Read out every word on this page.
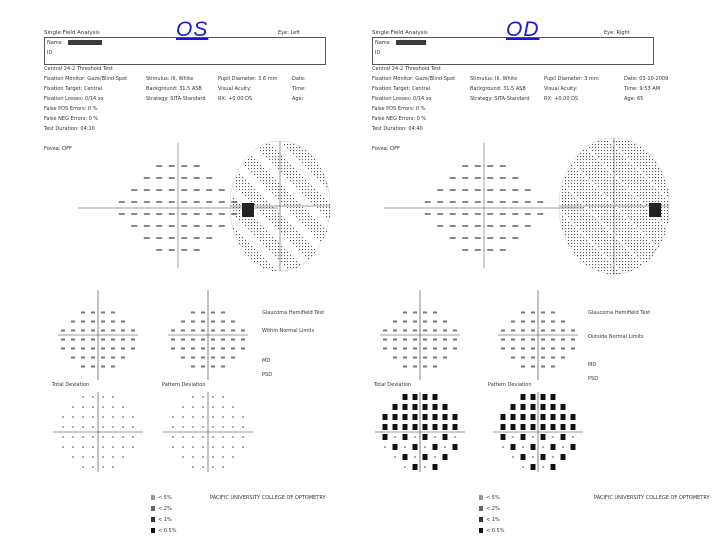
OS
Single Field Analysis	Eye: Left
Name
ID
Central 24-2 Threshold Test
Fixation Monitor: Gaze/Blind Spot
Fixation Target: Central
Fixation Losses: 0/14 xx
False POS Errors: 0 %
False NEG Errors: 0 %
Test Duration: 04:10
Stimulus: III, White
Background: 31.5 ASB
Strategy: SITA-Standard
Pupil Diameter: 3.6 mm
Visual Acuity:
RX: +0.00 DS
Date:
Time:
Age:
Fovea: OFF
Glaucoma Hemifield Test
Within Normal Limits
MD
PSD
Total Deviation	Pattern Deviation
< 5%
< 2%
< 1%
< 0.5%
PACIFIC UNIVERSITY COLLEGE OF OPTOMETRY
OD
Single Field Analysis	Eye: Right
Name
ID
Central 24-2 Threshold Test
Fixation Monitor: Gaze/Blind Spot
Fixation Target: Central
Fixation Losses: 0/14 xx
False POS Errors: 0 %
False NEG Errors: 0 %
Test Duration: 04:40
Stimulus: III, White
Background: 31.5 ASB
Strategy: SITA-Standard
Pupil Diameter: 3 mm
Visual Acuity:
RX: +0.00 DS
Date: 03-10-2009
Time: 9:53 AM
Age: 65
Fovea: OFF
Glaucoma Hemifield Test
Outside Normal Limits
MD
PSD
Total Deviation	Pattern Deviation
< 5%
< 2%
< 1%
< 0.5%
PACIFIC UNIVERSITY COLLEGE OF OPTOMETRY
